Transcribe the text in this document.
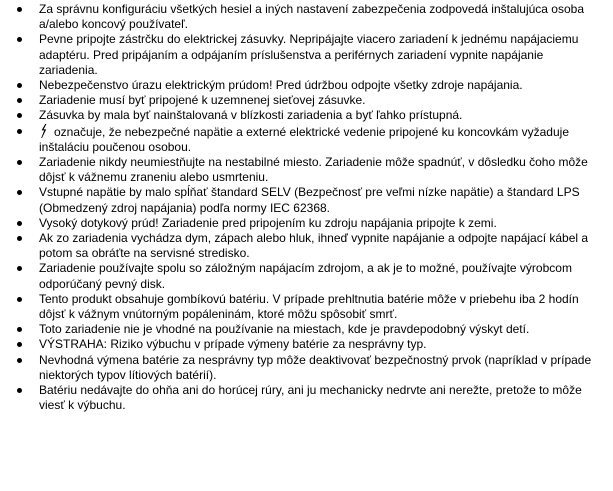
Za správnu konfiguráciu všetkých hesiel a iných nastavení zabezpečenia zodpovedá inštalujúca osoba a/alebo koncový používateľ.
Pevne pripojte zástrčku do elektrickej zásuvky. Nepripájajte viacero zariadení k jednému napájaciemu adaptéru. Pred pripájaním a odpájaním príslušenstva a periférnych zariadení vypnite napájanie zariadenia.
Nebezpečenstvo úrazu elektrickým prúdom! Pred údržbou odpojte všetky zdroje napájania.
Zariadenie musí byť pripojené k uzemnenej sieťovej zásuvke.
Zásuvka by mala byť nainštalovaná v blízkosti zariadenia a byť ľahko prístupná.
označuje, že nebezpečné napätie a externé elektrické vedenie pripojené ku koncovkám vyžaduje inštaláciu poučenou osobou.
Zariadenie nikdy neumiestňujte na nestabilné miesto. Zariadenie môže spadnúť, v dôsledku čoho môže dôjsť k vážnemu zraneniu alebo usmrteniu.
Vstupné napätie by malo spĺňať štandard SELV (Bezpečnosť pre veľmi nízke napätie) a štandard LPS (Obmedzený zdroj napájania) podľa normy IEC 62368.
Vysoký dotykový prúd! Zariadenie pred pripojením ku zdroju napájania pripojte k zemi.
Ak zo zariadenia vychádza dym, zápach alebo hluk, ihneď vypnite napájanie a odpojte napájací kábel a potom sa obráťte na servisné stredisko.
Zariadenie používajte spolu so záložným napájacím zdrojom, a ak je to možné, používajte výrobcom odporúčaný pevný disk.
Tento produkt obsahuje gombíkovú batériu. V prípade prehltnutia batérie môže v priebehu iba 2 hodín dôjsť k vážnym vnútorným popáleninám, ktoré môžu spôsobiť smrť.
Toto zariadenie nie je vhodné na používanie na miestach, kde je pravdepodobný výskyt detí.
VÝSTRAHA: Riziko výbuchu v prípade výmeny batérie za nesprávny typ.
Nevhodná výmena batérie za nesprávny typ môže deaktivovať bezpečnostný prvok (napríklad v prípade niektorých typov lítiových batérií).
Batériu nedávajte do ohňa ani do horúcej rúry, ani ju mechanicky nedrvte ani nerežte, pretože to môže viesť k výbuchu.
